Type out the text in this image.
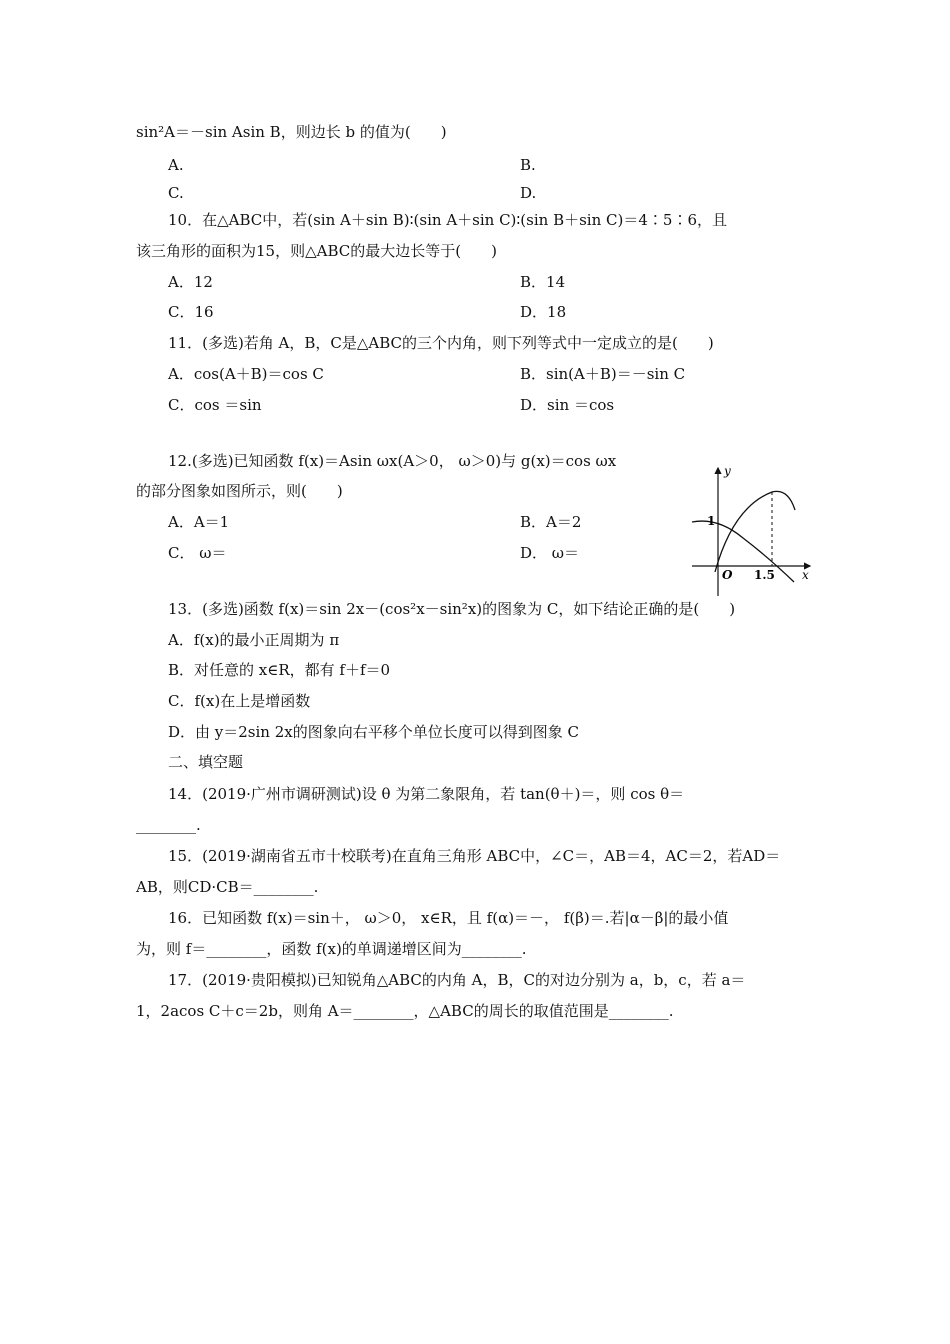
sin²A＝－sin Asin B，则边长 b 的值为(　　)
A.	B.
C.	D.
10．在△ABC中，若(sin A＋sin B)∶(sin A＋sin C)∶(sin B＋sin C)＝4∶5∶6，且
该三角形的面积为15，则△ABC的最大边长等于(　　)
A．12	B．14
C．16	D．18
11．(多选)若角 A，B，C是△ABC的三个内角，则下列等式中一定成立的是(　　)
A．cos(A＋B)＝cos C	B．sin(A＋B)＝－sin C
C．cos ＝sin	D．sin ＝cos
12.(多选)已知函数 f(x)＝Asin ωx(A＞0， ω＞0)与 g(x)＝cos ωx
的部分图象如图所示，则(　　)
A．A＝1	B．A＝2
C． ω＝	D． ω＝
y
x
O
1
1.5
13．(多选)函数 f(x)＝sin 2x－(cos²x－sin²x)的图象为 C，如下结论正确的是(　　)
A．f(x)的最小正周期为 π
B．对任意的 x∈R，都有 f＋f＝0
C．f(x)在上是增函数
D．由 y＝2sin 2x的图象向右平移个单位长度可以得到图象 C
二、填空题
14．(2019·广州市调研测试)设 θ 为第二象限角，若 tan(θ＋)＝，则 cos θ＝
________.
15．(2019·湖南省五市十校联考)在直角三角形 ABC中，∠C＝，AB＝4，AC＝2，若AD＝
AB，则CD·CB＝________.
16．已知函数 f(x)＝sin＋， ω＞0， x∈R，且 f(α)＝－， f(β)＝.若|α－β|的最小值
为，则 f＝________，函数 f(x)的单调递增区间为________.
17．(2019·贵阳模拟)已知锐角△ABC的内角 A，B，C的对边分别为 a，b，c，若 a＝
1，2acos C＋c＝2b，则角 A＝________，△ABC的周长的取值范围是________.
